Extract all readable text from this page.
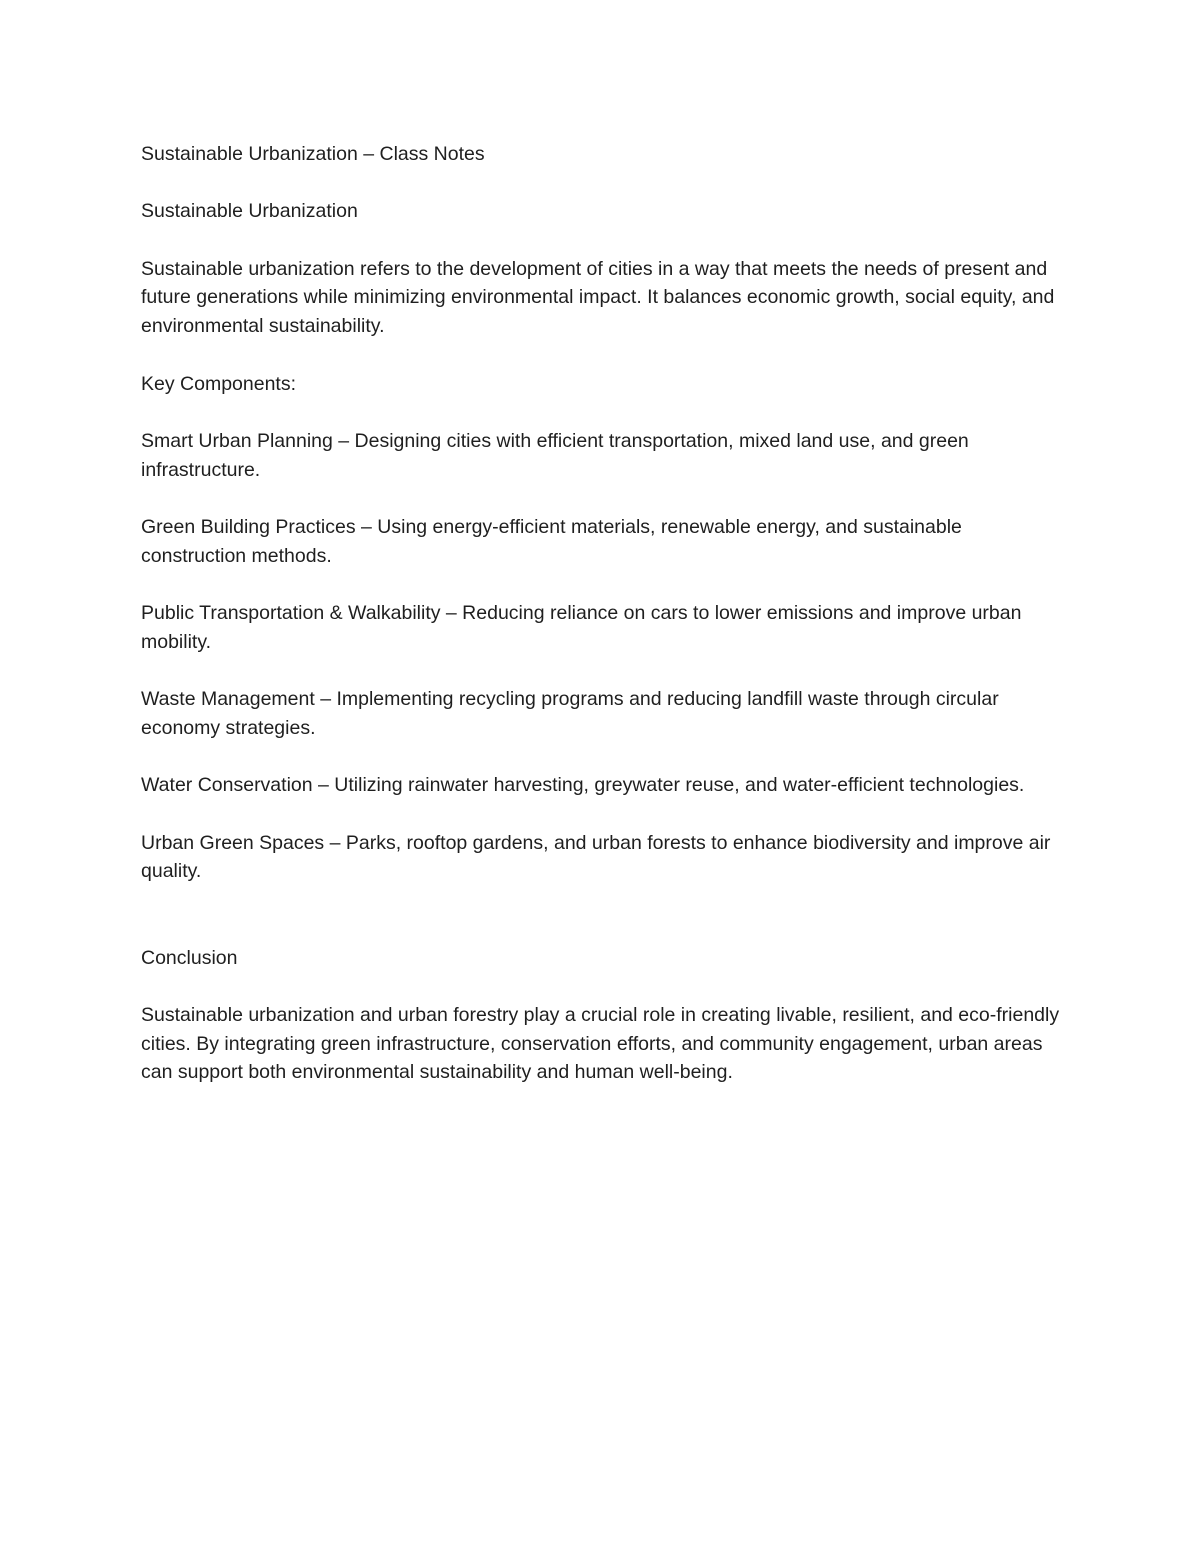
Sustainable Urbanization – Class Notes

Sustainable Urbanization

Sustainable urbanization refers to the development of cities in a way that meets the needs of present and future generations while minimizing environmental impact. It balances economic growth, social equity, and environmental sustainability.

Key Components:

Smart Urban Planning – Designing cities with efficient transportation, mixed land use, and green infrastructure.

Green Building Practices – Using energy-efficient materials, renewable energy, and sustainable construction methods.

Public Transportation & Walkability – Reducing reliance on cars to lower emissions and improve urban mobility.

Waste Management – Implementing recycling programs and reducing landfill waste through circular economy strategies.

Water Conservation – Utilizing rainwater harvesting, greywater reuse, and water-efficient technologies.

Urban Green Spaces – Parks, rooftop gardens, and urban forests to enhance biodiversity and improve air quality.

Conclusion

Sustainable urbanization and urban forestry play a crucial role in creating livable, resilient, and eco-friendly cities. By integrating green infrastructure, conservation efforts, and community engagement, urban areas can support both environmental sustainability and human well-being.
